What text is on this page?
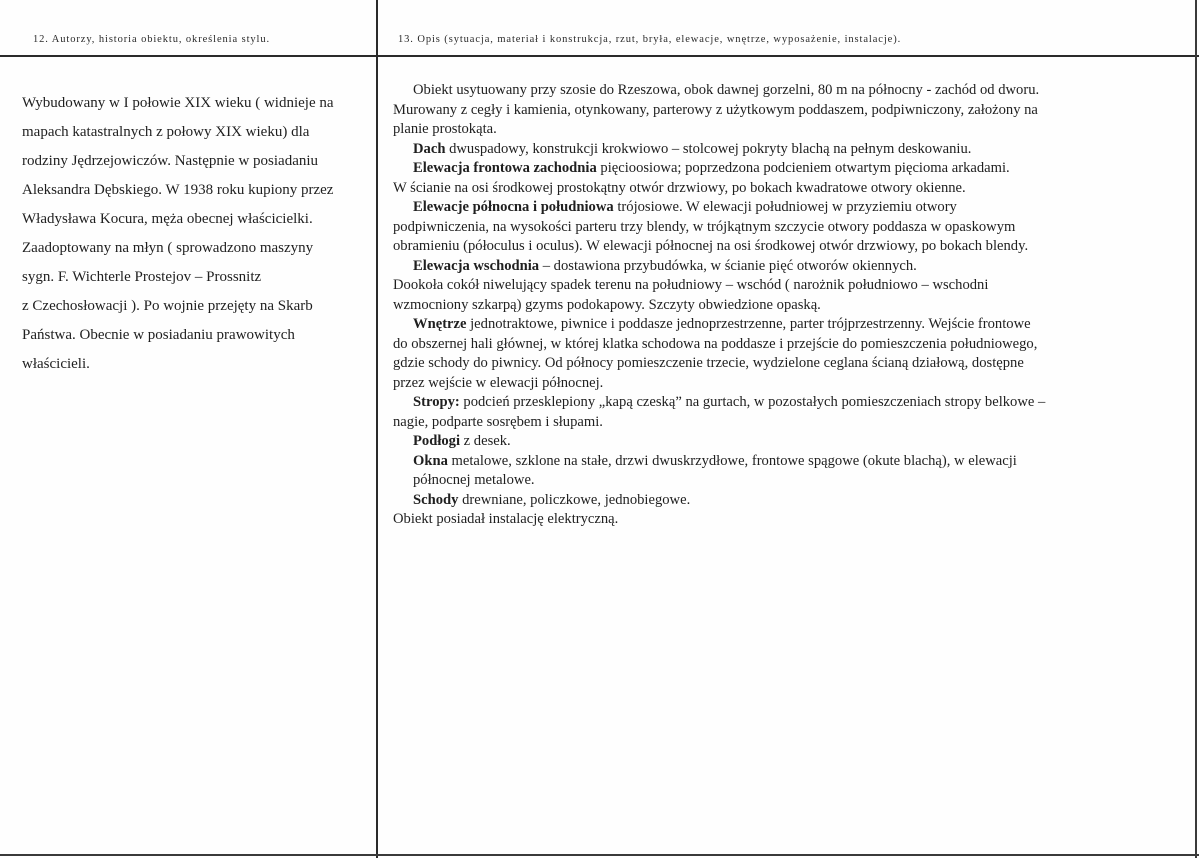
12. Autorzy, historia obiektu, określenia stylu.	13. Opis (sytuacja, materiał i konstrukcja, rzut, bryła, elewacje, wnętrze, wyposażenie, instalacje).

Wybudowany w I połowie XIX wieku ( widnieje na

mapach katastralnych z połowy XIX wieku) dla

rodziny Jędrzejowiczów. Następnie w posiadaniu

Aleksandra Dębskiego. W 1938 roku kupiony przez

Władysława Kocura, męża obecnej właścicielki.

Zaadoptowany na młyn ( sprowadzono maszyny

sygn. F. Wichterle Prostejov – Prossnitz

z Czechosłowacji ). Po wojnie przejęty na Skarb

Państwa. Obecnie w posiadaniu prawowitych

właścicieli.

Obiekt usytuowany przy szosie do Rzeszowa, obok dawnej gorzelni, 80 m na północny - zachód od dworu.

Murowany z cegły i kamienia, otynkowany, parterowy z użytkowym poddaszem, podpiwniczony, założony na

planie prostokąta.

Dach dwuspadowy, konstrukcji krokwiowo – stolcowej pokryty blachą na pełnym deskowaniu.

Elewacja frontowa zachodnia pięcioosiowa; poprzedzona podcieniem otwartym pięcioma arkadami.

W ścianie na osi środkowej prostokątny otwór drzwiowy, po bokach kwadratowe otwory okienne.

Elewacje północna i południowa trójosiowe. W elewacji południowej w przyziemiu otwory

podpiwniczenia, na wysokości parteru trzy blendy, w trójkątnym szczycie otwory poddasza w opaskowym

obramieniu (półoculus i oculus). W elewacji północnej na osi środkowej otwór drzwiowy, po bokach blendy.

Elewacja wschodnia – dostawiona przybudówka, w ścianie pięć otworów okiennych.

Dookoła cokół niwelujący spadek terenu na południowy – wschód ( narożnik południowo – wschodni

wzmocniony szkarpą) gzyms podokapowy. Szczyty obwiedzione opaską.

Wnętrze jednotraktowe, piwnice i poddasze jednoprzestrzenne, parter trójprzestrzenny. Wejście frontowe

do obszernej hali głównej, w której klatka schodowa na poddasze i przejście do pomieszczenia południowego,

gdzie schody do piwnicy. Od północy pomieszczenie trzecie, wydzielone ceglana ścianą działową, dostępne

przez wejście w elewacji północnej.

Stropy: podcień przesklepiony „kapą czeską” na gurtach, w pozostałych pomieszczeniach stropy belkowe –

nagie, podparte sosrębem i słupami.

Podłogi z desek.

Okna metalowe, szklone na stałe, drzwi dwuskrzydłowe, frontowe spągowe (okute blachą), w elewacji

północnej metalowe.

Schody drewniane, policzkowe, jednobiegowe.

Obiekt posiadał instalację elektryczną.
